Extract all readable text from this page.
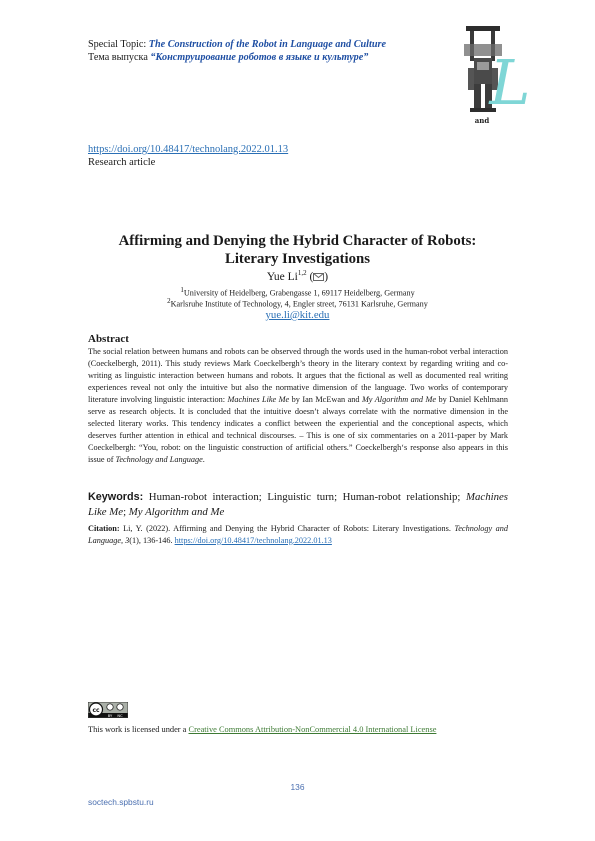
Special Topic: The Construction of the Robot in Language and Culture
Тема выпуска “Конструирование роботов в языке и культуре” L
and
https://doi.org/10.48417/technolang.2022.01.13
Research article
Affirming and Denying the Hybrid Character of Robots:
Literary Investigations
Yue Li$^{1,2}$ ( )
$^1$University of Heidelberg, Grabengasse 1, 69117 Heidelberg, Germany
$^2$Karlsruhe Institute of Technology, 4, Engler street, 76131 Karlsruhe, Germany
yue.li@kit.edu
Abstract
The social relation between humans and robots can be observed through the words used in the human-robot verbal interaction (Coeckelbergh, 2011). This study reviews Mark Coeckelbergh’s theory in the literary context by regarding writing and co-writing as linguistic interaction between humans and robots. It argues that the fictional as well as documented real writing experiences reveal not only the intuitive but also the normative dimension of the language. Two works of contemporary literature involving linguistic interaction: Machines Like Me by Ian McEwan and My Algorithm and Me by Daniel Kehlmann serve as research objects. It is concluded that the intuitive doesn’t always correlate with the normative dimension in the selected literary works. This tendency indicates a conflict between the experiential and the conceptional aspects, which deserves further attention in ethical and technical discourses. – This is one of six commentaries on a 2011-paper by Mark Coeckelbergh: “You, robot: on the linguistic construction of artificial others.” Coeckelbergh‘s response also appears in this issue of Technology and Language.
Keywords: Human-robot interaction; Linguistic turn; Human-robot relationship; Machines Like Me; My Algorithm and Me
Citation: Li, Y. (2022). Affirming and Denying the Hybrid Character of Robots: Literary Investigations. Technology and Language, 3(1), 136-146. https://doi.org/10.48417/technolang.2022.01.13
cc
BY NC
This work is licensed under a Creative Commons Attribution-NonCommercial 4.0 International License
136
soctech.spbstu.ru
